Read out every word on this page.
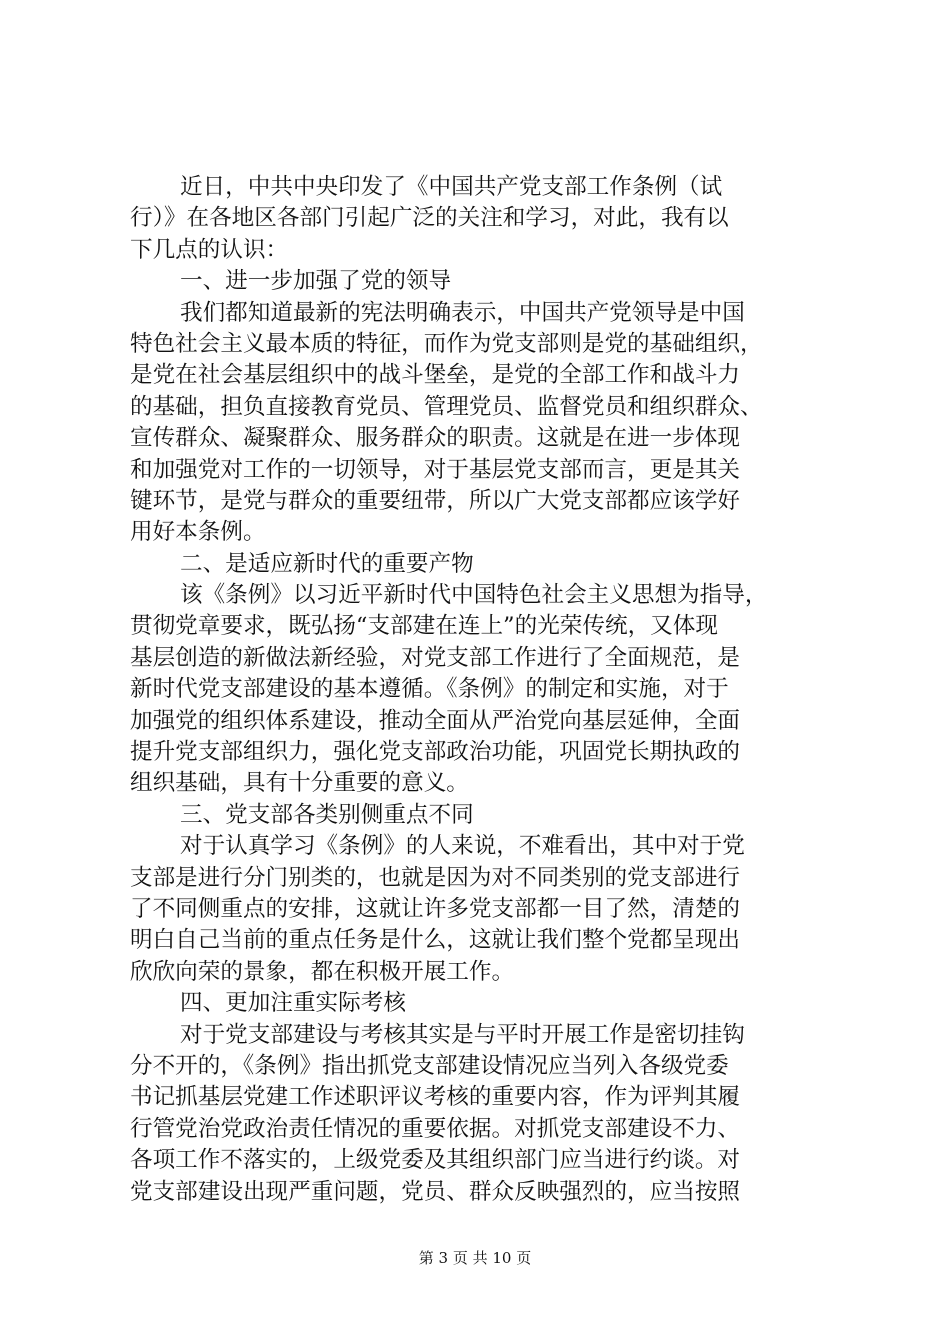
近日，中共中央印发了《中国共产党支部工作条例（试
行）》在各地区各部门引起广泛的关注和学习，对此，我有以
下几点的认识：
一、进一步加强了党的领导
我们都知道最新的宪法明确表示，中国共产党领导是中国
特色社会主义最本质的特征，而作为党支部则是党的基础组织，
是党在社会基层组织中的战斗堡垒，是党的全部工作和战斗力
的基础，担负直接教育党员、管理党员、监督党员和组织群众、
宣传群众、凝聚群众、服务群众的职责。这就是在进一步体现
和加强党对工作的一切领导，对于基层党支部而言，更是其关
键环节，是党与群众的重要纽带，所以广大党支部都应该学好
用好本条例。
二、是适应新时代的重要产物
该《条例》以习近平新时代中国特色社会主义思想为指导，
贯彻党章要求，既弘扬“支部建在连上”的光荣传统，又体现
基层创造的新做法新经验，对党支部工作进行了全面规范，是
新时代党支部建设的基本遵循。《条例》的制定和实施，对于
加强党的组织体系建设，推动全面从严治党向基层延伸，全面
提升党支部组织力，强化党支部政治功能，巩固党长期执政的
组织基础，具有十分重要的意义。
三、党支部各类别侧重点不同
对于认真学习《条例》的人来说，不难看出，其中对于党
支部是进行分门别类的，也就是因为对不同类别的党支部进行
了不同侧重点的安排，这就让许多党支部都一目了然，清楚的
明白自己当前的重点任务是什么，这就让我们整个党都呈现出
欣欣向荣的景象，都在积极开展工作。
四、更加注重实际考核
对于党支部建设与考核其实是与平时开展工作是密切挂钩
分不开的，《条例》指出抓党支部建设情况应当列入各级党委
书记抓基层党建工作述职评议考核的重要内容，作为评判其履
行管党治党政治责任情况的重要依据。对抓党支部建设不力、
各项工作不落实的，上级党委及其组织部门应当进行约谈。对
党支部建设出现严重问题，党员、群众反映强烈的，应当按照
第 3 页 共 10 页
